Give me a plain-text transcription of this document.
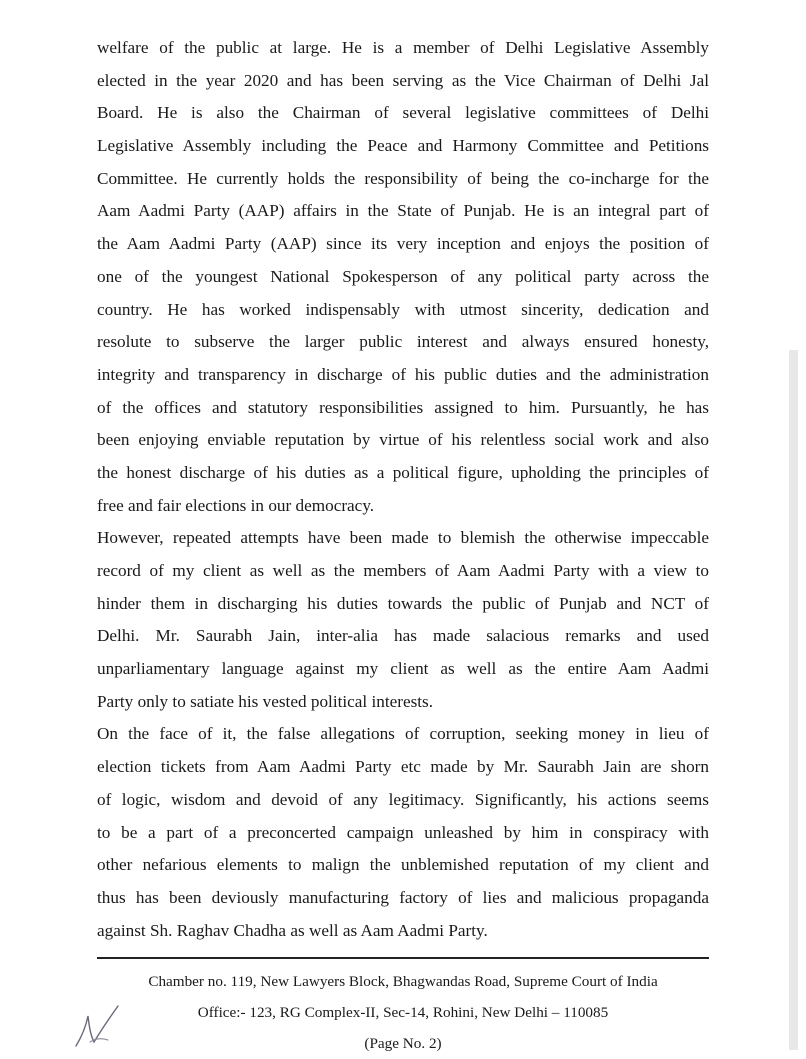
welfare of the public at large. He is a member of Delhi Legislative Assembly
elected in the year 2020 and has been serving as the Vice Chairman of Delhi Jal
Board. He is also the Chairman of several legislative committees of Delhi
Legislative Assembly including the Peace and Harmony Committee and Petitions
Committee. He currently holds the responsibility of being the co-incharge for the
Aam Aadmi Party (AAP) affairs in the State of Punjab. He is an integral part of
the Aam Aadmi Party (AAP) since its very inception and enjoys the position of
one of the youngest National Spokesperson of any political party across the
country. He has worked indispensably with utmost sincerity, dedication and
resolute to subserve the larger public interest and always ensured honesty,
integrity and transparency in discharge of his public duties and the administration
of the offices and statutory responsibilities assigned to him. Pursuantly, he has
been enjoying enviable reputation by virtue of his relentless social work and also
the honest discharge of his duties as a political figure, upholding the principles of
free and fair elections in our democracy.
However, repeated attempts have been made to blemish the otherwise impeccable
record of my client as well as the members of Aam Aadmi Party with a view to
hinder them in discharging his duties towards the public of Punjab and NCT of
Delhi. Mr. Saurabh Jain, inter-alia has made salacious remarks and used
unparliamentary language against my client as well as the entire Aam Aadmi
Party only to satiate his vested political interests.
On the face of it, the false allegations of corruption, seeking money in lieu of
election tickets from Aam Aadmi Party etc made by Mr. Saurabh Jain are shorn
of logic, wisdom and devoid of any legitimacy. Significantly, his actions seems
to be a part of a preconcerted campaign unleashed by him in conspiracy with
other nefarious elements to malign the unblemished reputation of my client and
thus has been deviously manufacturing factory of lies and malicious propaganda
against Sh. Raghav Chadha as well as Aam Aadmi Party.
Chamber no. 119, New Lawyers Block, Bhagwandas Road, Supreme Court of India
Office:- 123, RG Complex-II, Sec-14, Rohini, New Delhi – 110085
(Page No. 2)
